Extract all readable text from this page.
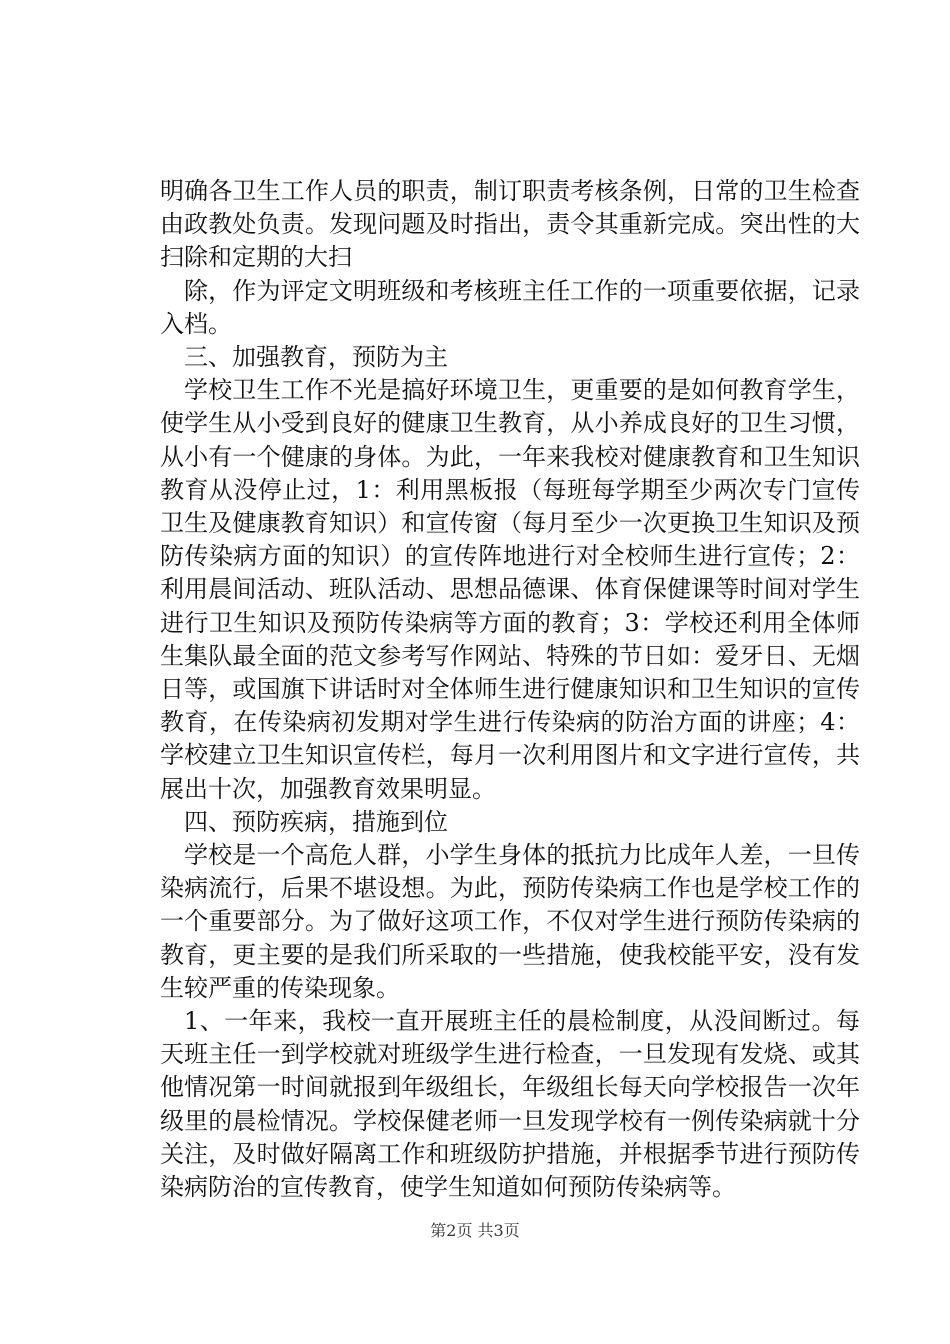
明确各卫生工作人员的职责，制订职责考核条例，日常的卫生检查由政教处负责。发现问题及时指出，责令其重新完成。突出性的大扫除和定期的大扫

除，作为评定文明班级和考核班主任工作的一项重要依据，记录入档。

三、加强教育，预防为主

学校卫生工作不光是搞好环境卫生，更重要的是如何教育学生，使学生从小受到良好的健康卫生教育，从小养成良好的卫生习惯，从小有一个健康的身体。为此，一年来我校对健康教育和卫生知识教育从没停止过，1：利用黑板报（每班每学期至少两次专门宣传卫生及健康教育知识）和宣传窗（每月至少一次更换卫生知识及预防传染病方面的知识）的宣传阵地进行对全校师生进行宣传；2：利用晨间活动、班队活动、思想品德课、体育保健课等时间对学生进行卫生知识及预防传染病等方面的教育；3：学校还利用全体师生集队最全面的范文参考写作网站、特殊的节日如：爱牙日、无烟日等，或国旗下讲话时对全体师生进行健康知识和卫生知识的宣传教育，在传染病初发期对学生进行传染病的防治方面的讲座；4：学校建立卫生知识宣传栏，每月一次利用图片和文字进行宣传，共展出十次，加强教育效果明显。

四、预防疾病，措施到位

学校是一个高危人群，小学生身体的抵抗力比成年人差，一旦传染病流行，后果不堪设想。为此，预防传染病工作也是学校工作的一个重要部分。为了做好这项工作，不仅对学生进行预防传染病的教育，更主要的是我们所采取的一些措施，使我校能平安，没有发生较严重的传染现象。

1、一年来，我校一直开展班主任的晨检制度，从没间断过。每天班主任一到学校就对班级学生进行检查，一旦发现有发烧、或其他情况第一时间就报到年级组长，年级组长每天向学校报告一次年级里的晨检情况。学校保健老师一旦发现学校有一例传染病就十分关注，及时做好隔离工作和班级防护措施，并根据季节进行预防传染病防治的宣传教育，使学生知道如何预防传染病等。

第2页 共3页
